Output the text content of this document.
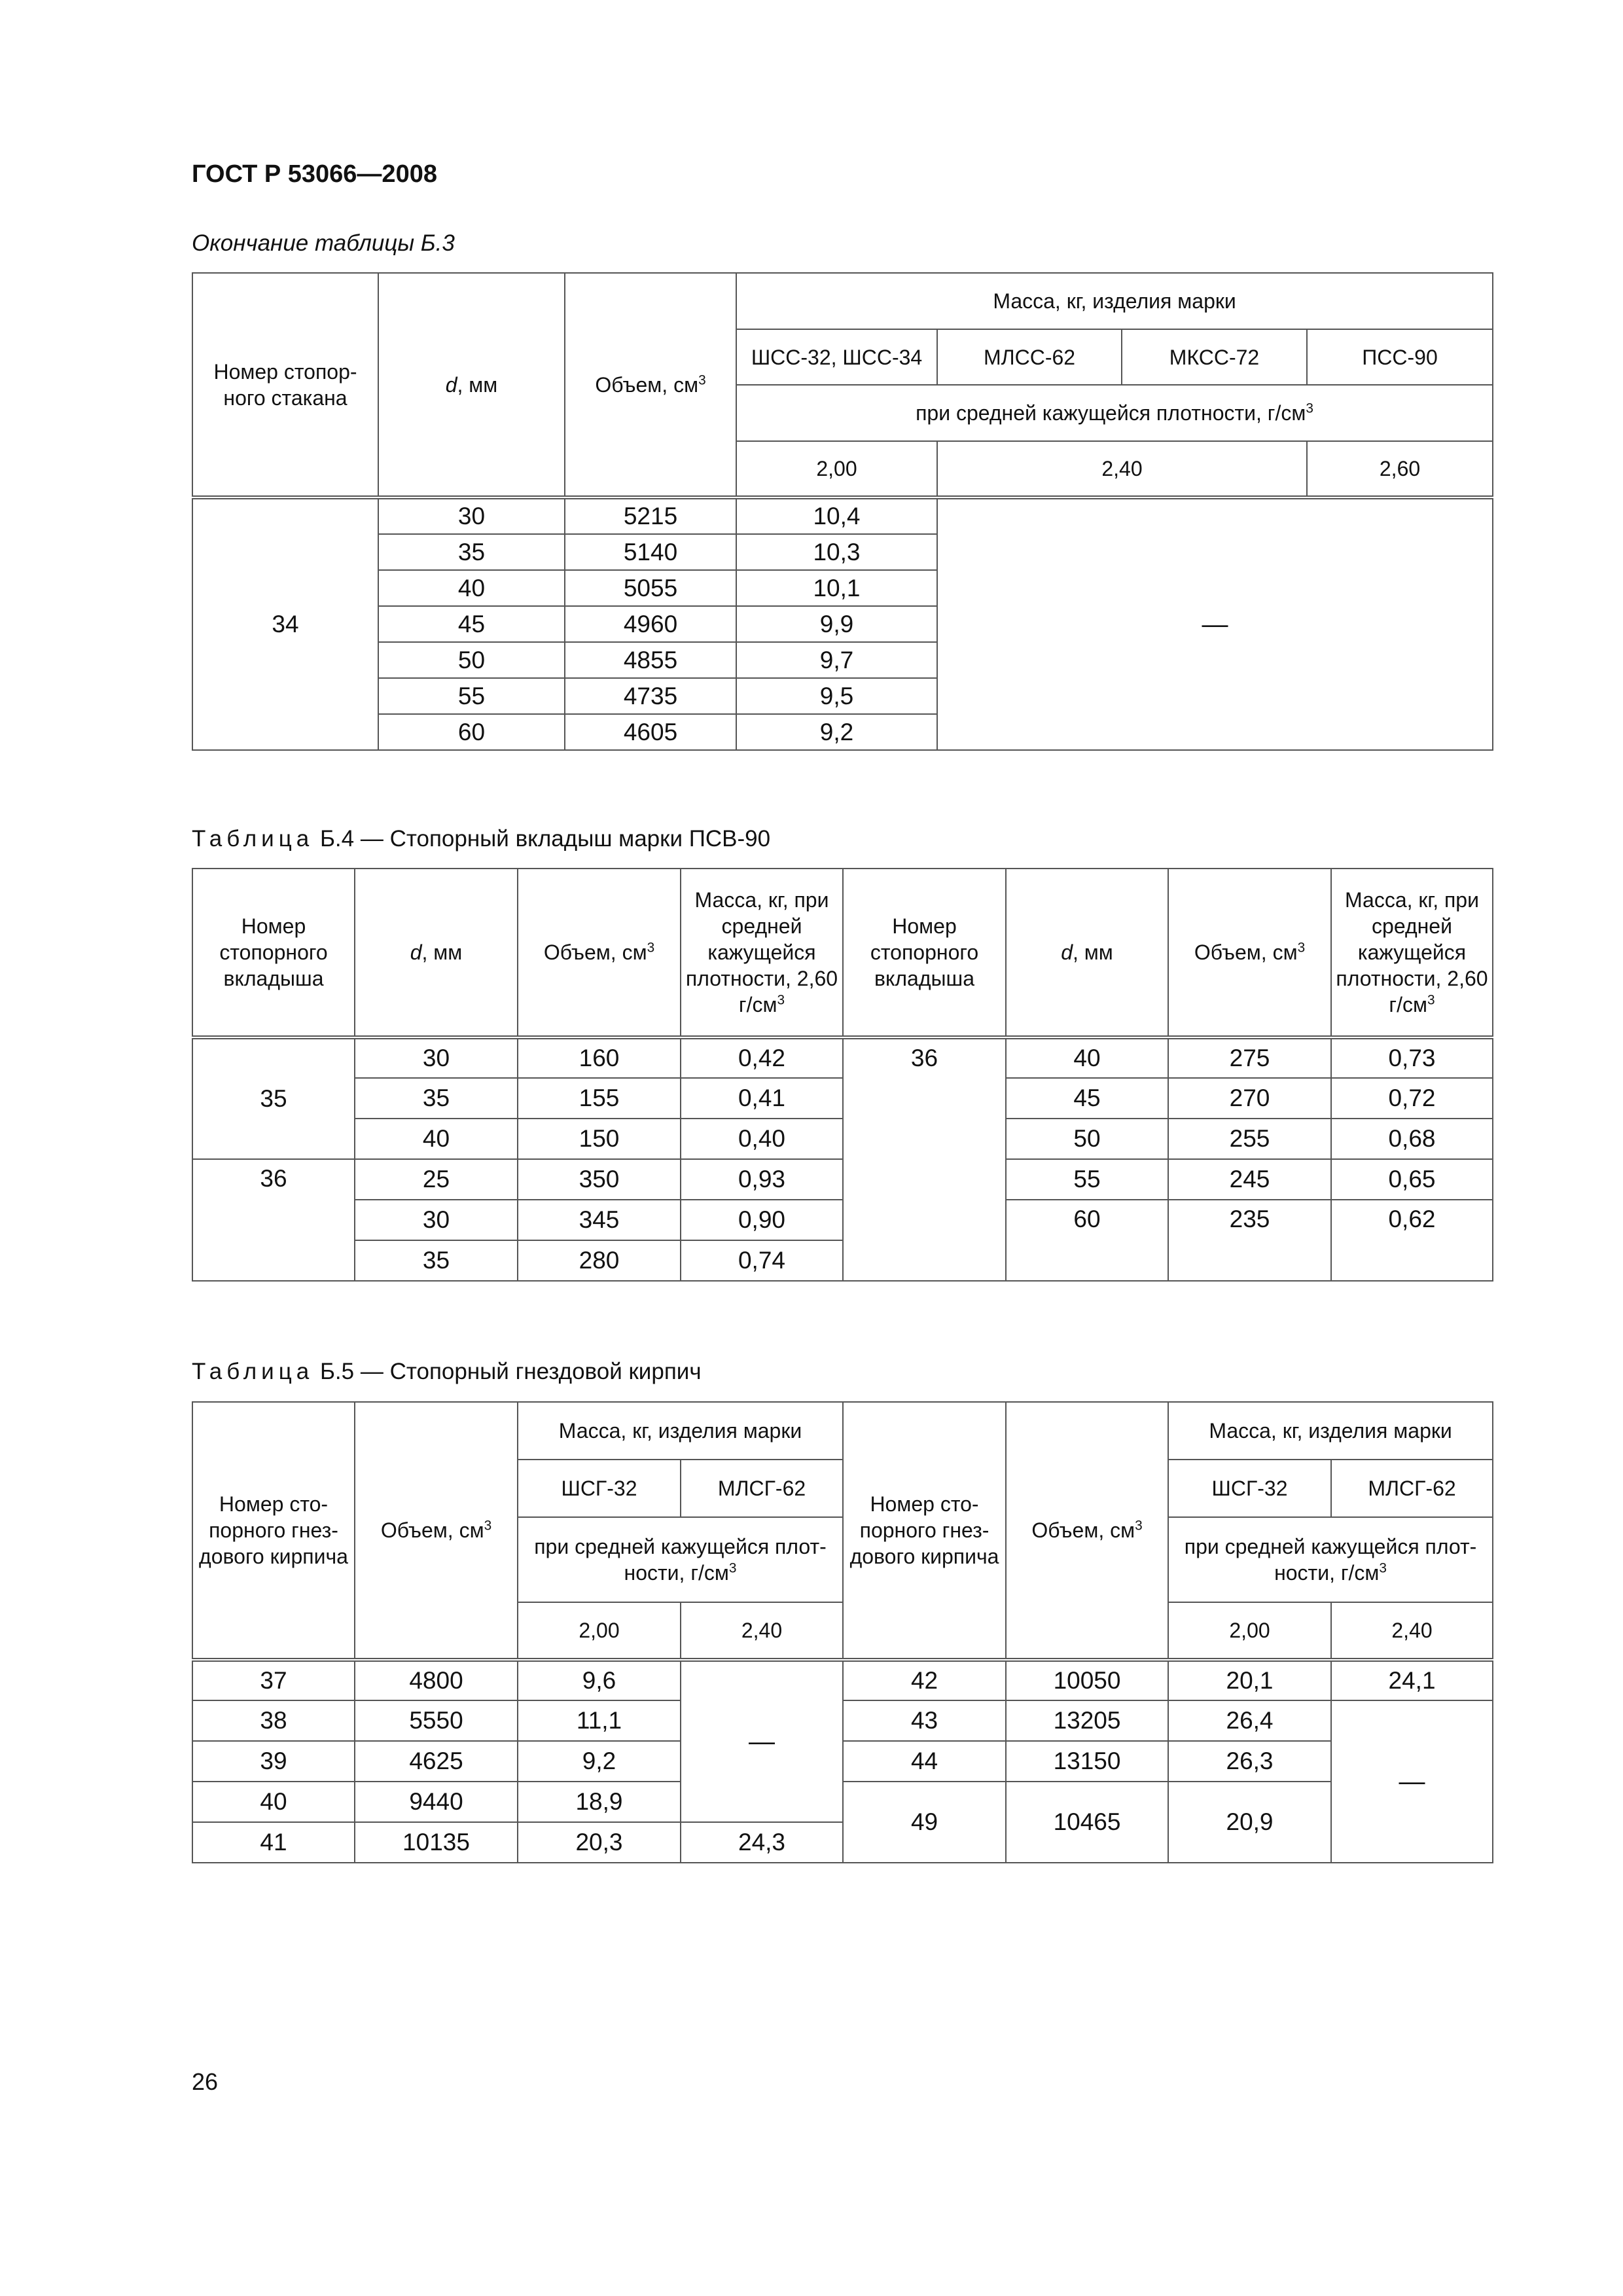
ГОСТ Р 53066—2008
Окончание таблицы Б.3
Номер стопор-ного стакана	d, мм	Объем, $см^3$	Масса, кг, изделия марки			
			ШСС-32, ШСС-34	МЛСС-62	МКСС-72	ПСС-90
			при средней кажущейся плотности, $г/см^3$
			2,00	2,40		2,60
34	30	5215	10,4	—		
	35	5140	10,3			
	40	5055	10,1			
	45	4960	9,9			
	50	4855	9,7			
	55	4735	9,5			
	60	4605	9,2			
Таблица Б.4 — Стопорный вкладыш марки ПСВ-90
Номер стопорного вкладыша	d, мм	Объем, $см^3$	Масса, кг, при средней кажущейся плотности, 2,60 $г/см^3$	Номер стопорного вкладыша	d, мм	Объем, $см^3$	Масса, кг, при средней кажущейся плотности, 2,60 $г/см^3$
35	30	160	0,42	36	40	275	0,73
	35	155	0,41		45	270	0,72
	40	150	0,40		50	255	0,68
36	25	350	0,93		55	245	0,65
	30	345	0,90		60	235	0,62
	35	280	0,74				
Таблица Б.5 — Стопорный гнездовой кирпич
Номер сто-порного гнез-дового кирпича	Объем, $см^3$	Масса, кг, изделия марки		Номер сто-порного гнез-дового кирпича	Объем, $см^3$	Масса, кг, изделия марки	
		ШСГ-32	МЛСГ-62			ШСГ-32	МЛСГ-62
		при средней кажущейся плот-ности, $г/см^3$				при средней кажущейся плот-ности, $г/см^3$
		2,00	2,40			2,00	2,40
37	4800	9,6	—	42	10050	20,1	24,1
38	5550	11,1		43	13205	26,4	—
39	4625	9,2		44	13150	26,3	
40	9440	18,9		49	10465	20,9	
41	10135	20,3	24,3				
26
